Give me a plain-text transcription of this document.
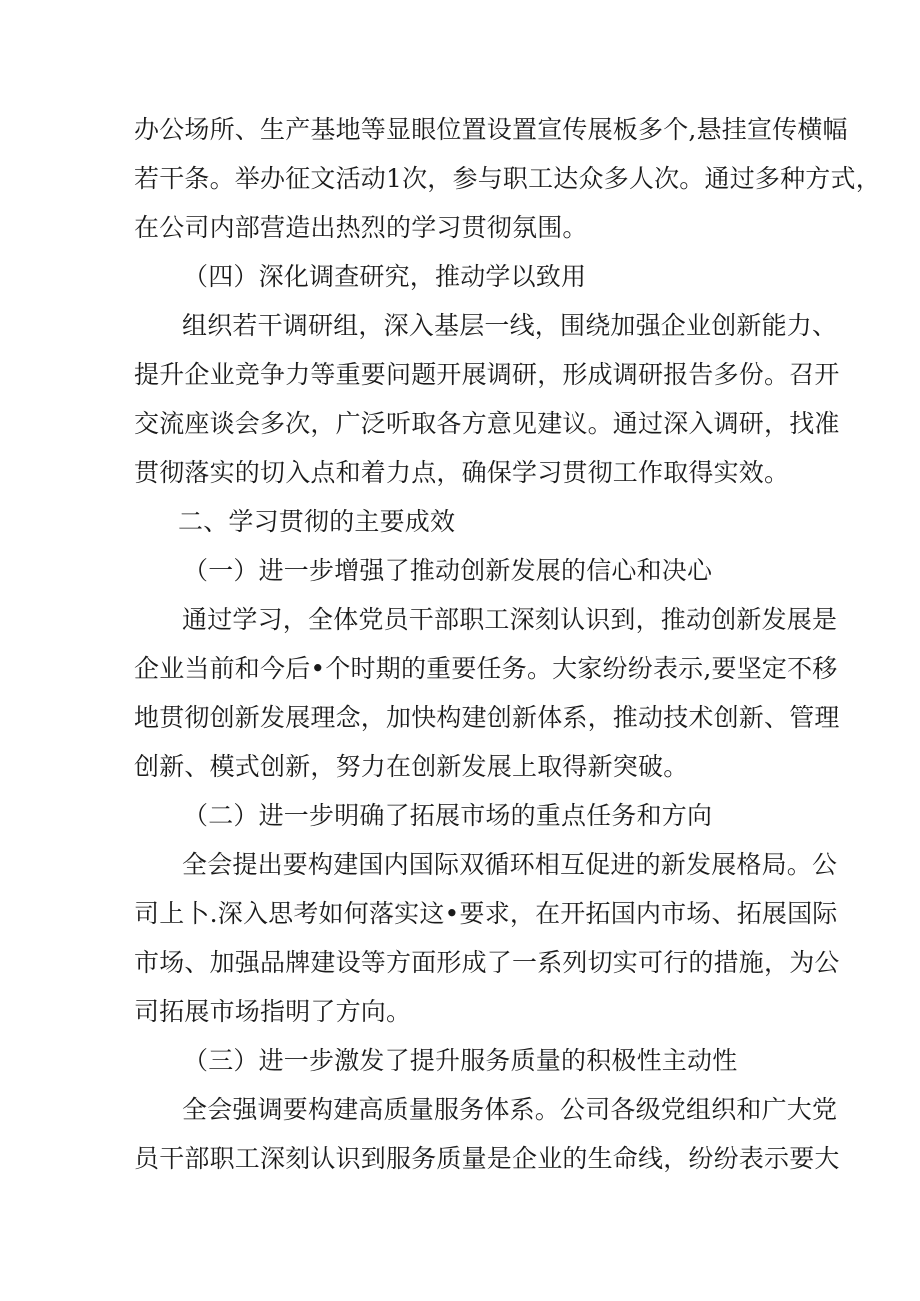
办公场所、生产基地等显眼位置设置宣传展板多个,悬挂宣传横幅
若干条。举办征文活动1次，参与职工达众多人次。通过多种方式，
在公司内部营造出热烈的学习贯彻氛围。
（四）深化调查研究，推动学以致用
组织若干调研组，深入基层一线，围绕加强企业创新能力、
提升企业竞争力等重要问题开展调研，形成调研报告多份。召开
交流座谈会多次，广泛听取各方意见建议。通过深入调研，找准
贯彻落实的切入点和着力点，确保学习贯彻工作取得实效。
二、学习贯彻的主要成效
（一）进一步增强了推动创新发展的信心和决心
通过学习，全体党员干部职工深刻认识到，推动创新发展是
企业当前和今后•个时期的重要任务。大家纷纷表示,要坚定不移
地贯彻创新发展理念，加快构建创新体系，推动技术创新、管理
创新、模式创新，努力在创新发展上取得新突破。
（二）进一步明确了拓展市场的重点任务和方向
全会提出要构建国内国际双循环相互促进的新发展格局。公
司上卜.深入思考如何落实这•要求，在开拓国内市场、拓展国际
市场、加强品牌建设等方面形成了一系列切实可行的措施，为公
司拓展市场指明了方向。
（三）进一步激发了提升服务质量的积极性主动性
全会强调要构建高质量服务体系。公司各级党组织和广大党
员干部职工深刻认识到服务质量是企业的生命线，纷纷表示要大
